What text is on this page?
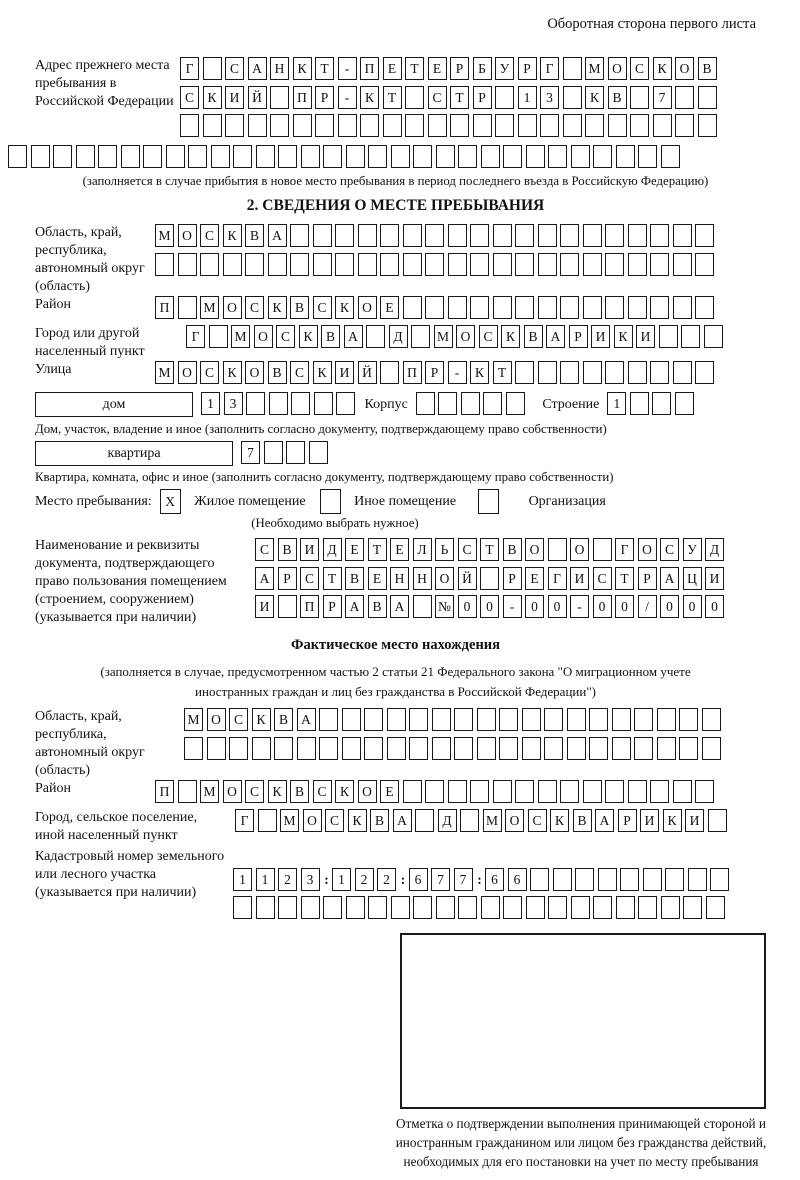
Оборотная сторона первого листа
Адрес прежнего места пребывания в Российской Федерации
Г	С А Н К Т - П Е Т Е Р Б У Р Г	М О С К О В
С К И Й	П Р - К Т	С Т Р	1 3	К В	7
(заполняется в случае прибытия в новое место пребывания в период последнего въезда в Российскую Федерацию)
2. СВЕДЕНИЯ О МЕСТЕ ПРЕБЫВАНИЯ
Область, край, республика, автономный округ (область)
М О С К В А
Район	П	М О С К В С К О Е
Город или другой населенный пункт
Г	М О С К В А	Д	М О С К В А Р И К И
Улица	М О С К О В С К И Й	П Р - К Т
дом	1 3	Корпус	Строение	1
Дом, участок, владение и иное (заполнить согласно документу, подтверждающему право собственности)
квартира	7
Квартира, комната, офис и иное (заполнить согласно документу, подтверждающему право собственности)
Место пребывания:	X	Жилое помещение	Иное помещение	Организация
(Необходимо выбрать нужное)
Наименование и реквизиты документа, подтверждающего право пользования помещением (строением, сооружением) (указывается при наличии)
С В И Д Е Т Е Л Ь С Т В О	О	Г О С У Д
А Р С Т В Е Н Н О Й	Р Е Г И С Т Р А Ц И
И	П Р А В А № 0 0 - 0 0 - 0 0 / 0 0 0
Фактическое место нахождения
(заполняется в случае, предусмотренном частью 2 статьи 21 Федерального закона "О миграционном учете иностранных граждан и лиц без гражданства в Российской Федерации")
Область, край, республика, автономный округ (область)
М О С К В А
Район	П	М О С К В С К О Е
Город, сельское поселение, иной населенный пункт
Г	М О С К В А	Д	М О С К В А Р И К И
Кадастровый номер земельного или лесного участка (указывается при наличии)
1 1 2 3 : 1 2 2 : 6 7 7 : 6 6
Отметка о подтверждении выполнения принимающей стороной и иностранным гражданином или лицом без гражданства действий, необходимых для его постановки на учет по месту пребывания
